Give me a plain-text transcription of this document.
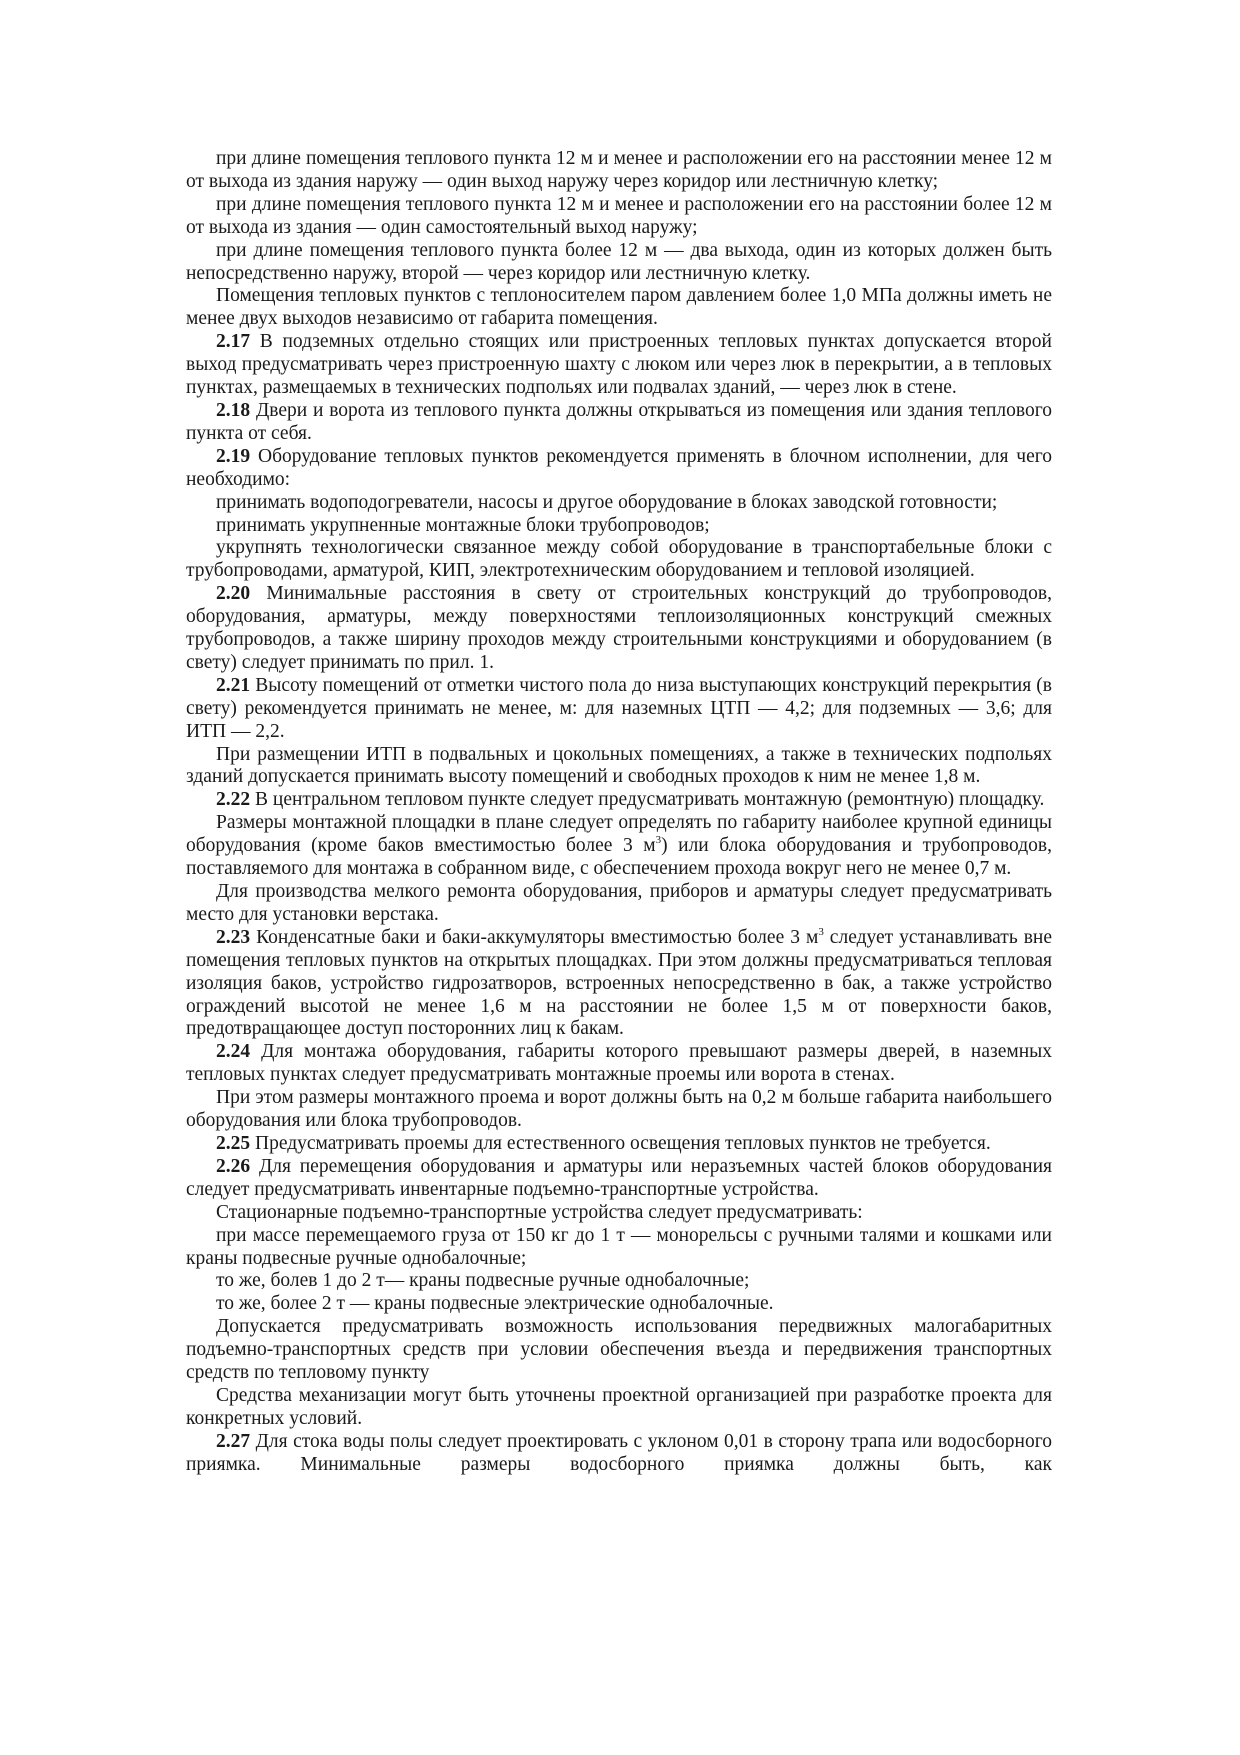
при длине помещения теплового пункта 12 м и менее и расположении его на расстоянии менее 12 м от выхода из здания наружу — один выход наружу через коридор или лестничную клетку;

при длине помещения теплового пункта 12 м и менее и расположении его на расстоянии более 12 м от выхода из здания — один самостоятельный выход наружу;

при длине помещения теплового пункта более 12 м — два выхода, один из которых должен быть непосредственно наружу, второй — через коридор или лестничную клетку.

Помещения тепловых пунктов с теплоносителем паром давлением более 1,0 МПа должны иметь не менее двух выходов независимо от габарита помещения.

2.17 В подземных отдельно стоящих или пристроенных тепловых пунктах допускается второй выход предусматривать через пристроенную шахту с люком или через люк в перекрытии, а в тепловых пунктах, размещаемых в технических подпольях или подвалах зданий, — через люк в стене.

2.18 Двери и ворота из теплового пункта должны открываться из помещения или здания теплового пункта от себя.

2.19 Оборудование тепловых пунктов рекомендуется применять в блочном исполнении, для чего необходимо:

принимать водоподогреватели, насосы и другое оборудование в блоках заводской готовности;

принимать укрупненные монтажные блоки трубопроводов;

укрупнять технологически связанное между собой оборудование в транспортабельные блоки с трубопроводами, арматурой, КИП, электротехническим оборудованием и тепловой изоляцией.

2.20 Минимальные расстояния в свету от строительных конструкций до трубопроводов, оборудования, арматуры, между поверхностями теплоизоляционных конструкций смежных трубопроводов, а также ширину проходов между строительными конструкциями и оборудованием (в свету) следует принимать по прил. 1.

2.21 Высоту помещений от отметки чистого пола до низа выступающих конструкций перекрытия (в свету) рекомендуется принимать не менее, м: для наземных ЦТП — 4,2; для подземных — 3,6; для ИТП — 2,2.

При размещении ИТП в подвальных и цокольных помещениях, а также в технических подпольях зданий допускается принимать высоту помещений и свободных проходов к ним не менее 1,8 м.

2.22 В центральном тепловом пункте следует предусматривать монтажную (ремонтную) площадку.

Размеры монтажной площадки в плане следует определять по габариту наиболее крупной единицы оборудования (кроме баков вместимостью более 3 $м^3$) или блока оборудования и трубопроводов, поставляемого для монтажа в собранном виде, с обеспечением прохода вокруг него не менее 0,7 м.

Для производства мелкого ремонта оборудования, приборов и арматуры следует предусматривать место для установки верстака.

2.23 Конденсатные баки и баки-аккумуляторы вместимостью более 3 $м^3$ следует устанавливать вне помещения тепловых пунктов на открытых площадках. При этом должны предусматриваться тепловая изоляция баков, устройство гидрозатворов, встроенных непосредственно в бак, а также устройство ограждений высотой не менее 1,6 м на расстоянии не более 1,5 м от поверхности баков, предотвращающее доступ посторонних лиц к бакам.

2.24 Для монтажа оборудования, габариты которого превышают размеры дверей, в наземных тепловых пунктах следует предусматривать монтажные проемы или ворота в стенах.

При этом размеры монтажного проема и ворот должны быть на 0,2 м больше габарита наибольшего оборудования или блока трубопроводов.

2.25 Предусматривать проемы для естественного освещения тепловых пунктов не требуется.

2.26 Для перемещения оборудования и арматуры или неразъемных частей блоков оборудования следует предусматривать инвентарные подъемно-транспортные устройства.

Стационарные подъемно-транспортные устройства следует предусматривать:

при массе перемещаемого груза от 150 кг до 1 т — монорельсы с ручными талями и кошками или краны подвесные ручные однобалочные;

то же, болев 1 до 2 т— краны подвесные ручные однобалочные;

то же, более 2 т — краны подвесные электрические однобалочные.

Допускается предусматривать возможность использования передвижных малогабаритных подъемно-транспортных средств при условии обеспечения въезда и передвижения транспортных средств по тепловому пункту

Средства механизации могут быть уточнены проектной организацией при разработке проекта для конкретных условий.

2.27 Для стока воды полы следует проектировать с уклоном 0,01 в сторону трапа или водосборного приямка. Минимальные размеры водосборного приямка должны быть, как
